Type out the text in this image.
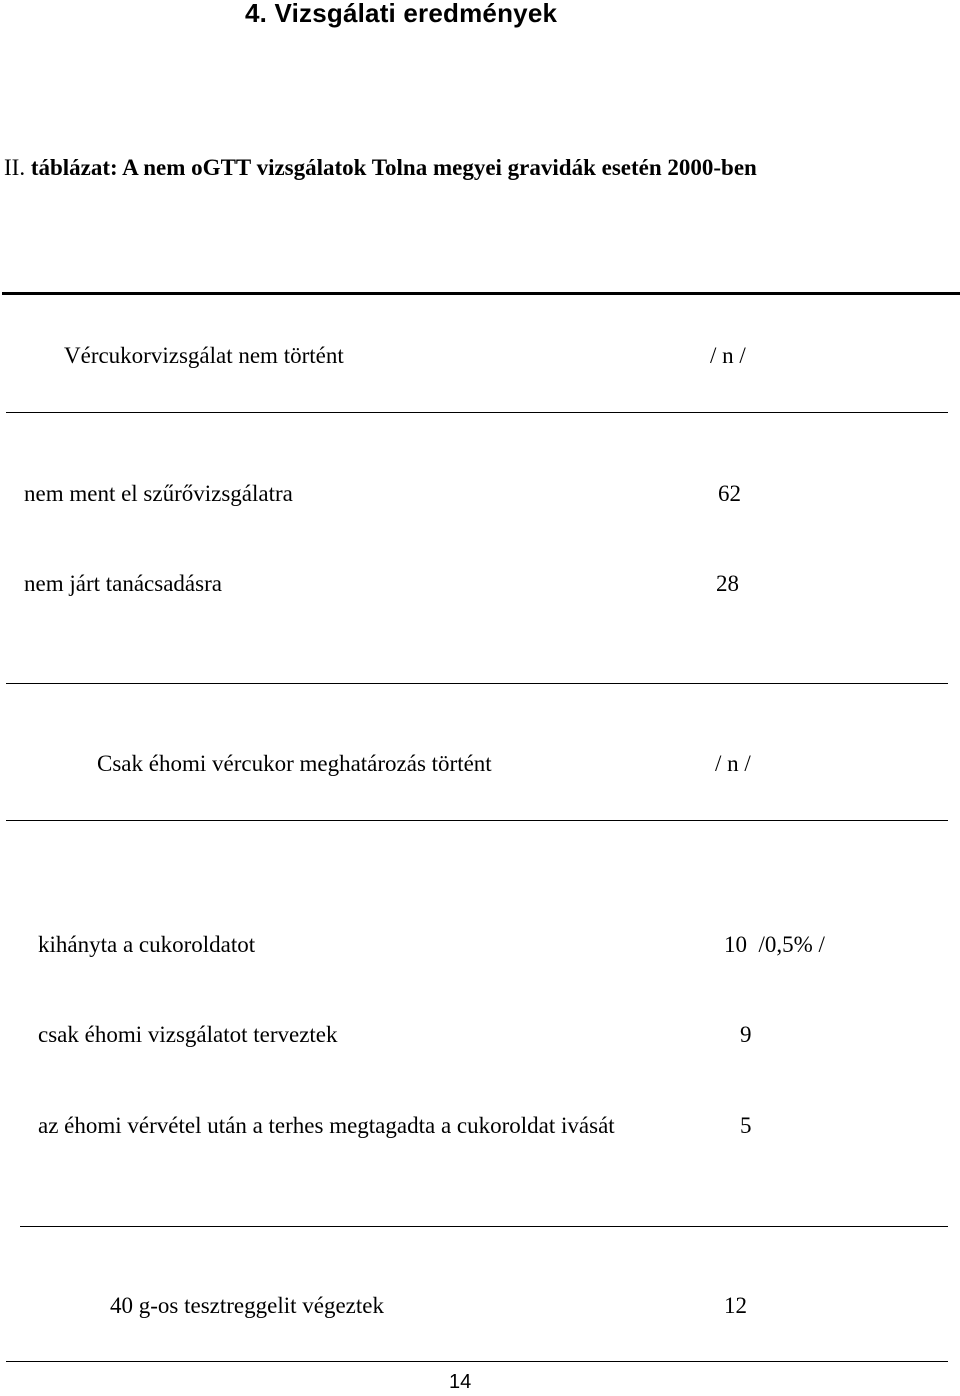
4. Vizsgálati eredmények
II. táblázat: A nem oGTT vizsgálatok Tolna megyei gravidák esetén 2000-ben
Vércukorvizsgálat nem történt	/ n /
nem ment el szűrővizsgálatra	62
nem járt tanácsadásra	28
Csak éhomi vércukor meghatározás történt	/ n /
kihányta a cukoroldatot	10  /0,5% /
csak éhomi vizsgálatot terveztek	9
az éhomi vérvétel után a terhes megtagadta a cukoroldat ivását	5
40 g-os tesztreggelit végeztek	12
14
